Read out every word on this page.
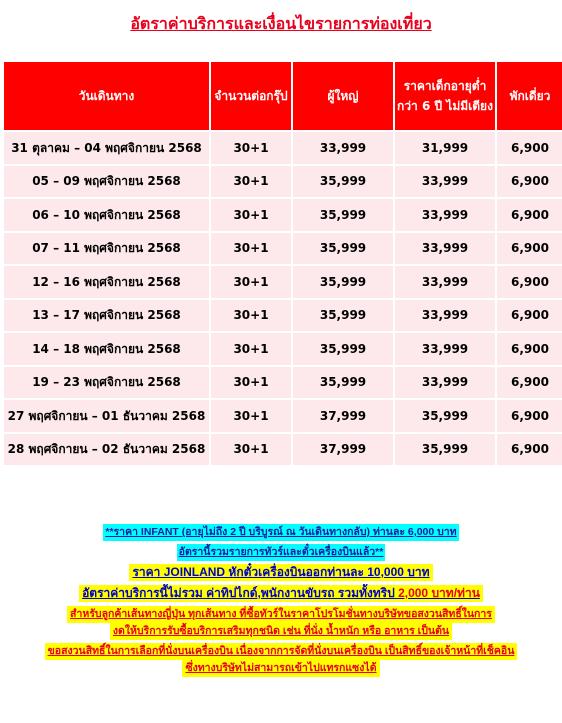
อัตราค่าบริการและเงื่อนไขรายการท่องเที่ยว
วันเดินทาง	จำนวนต่อกรุ๊ป	ผู้ใหญ่	ราคาเด็กอายุต่ำกว่า 6 ปี ไม่มีเตียง	พักเดี่ยว
31 ตุลาคม – 04 พฤศจิกายน 2568	30+1	33,999	31,999	6,900
05 – 09 พฤศจิกายน 2568	30+1	35,999	33,999	6,900
06 – 10 พฤศจิกายน 2568	30+1	35,999	33,999	6,900
07 – 11 พฤศจิกายน 2568	30+1	35,999	33,999	6,900
12 – 16 พฤศจิกายน 2568	30+1	35,999	33,999	6,900
13 – 17 พฤศจิกายน 2568	30+1	35,999	33,999	6,900
14 – 18 พฤศจิกายน 2568	30+1	35,999	33,999	6,900
19 – 23 พฤศจิกายน 2568	30+1	35,999	33,999	6,900
27 พฤศจิกายน – 01 ธันวาคม 2568	30+1	37,999	35,999	6,900
28 พฤศจิกายน – 02 ธันวาคม 2568	30+1	37,999	35,999	6,900
**ราคา INFANT (อายุไม่ถึง 2 ปี บริบูรณ์ ณ วันเดินทางกลับ) ท่านละ 6,000 บาท
อัตรานี้รวมรายการทัวร์และตั๋วเครื่องบินแล้ว**
ราคา JOINLAND หักตั๋วเครื่องบินออกท่านละ 10,000 บาท
อัตราค่าบริการนี้ไม่รวม ค่าทิปไกด์,พนักงานขับรถ รวมทั้งทริป 2,000 บาท/ท่าน
สำหรับลูกค้าเส้นทางญี่ปุ่น ทุกเส้นทาง ที่ซื้อทัวร์ในราคาโปรโมชั่นทางบริษัทขอสงวนสิทธิ์ในการ
งดให้บริการรับซื้อบริการเสริมทุกชนิด เช่น ที่นั่ง น้ำหนัก หรือ อาหาร เป็นต้น
ขอสงวนสิทธิ์ในการเลือกที่นั่งบนเครื่องบิน เนื่องจากการจัดที่นั่งบนเครื่องบิน เป็นสิทธิ์ของเจ้าหน้าที่เช็คอิน
ซึ่งทางบริษัทไม่สามารถเข้าไปแทรกแซงได้
